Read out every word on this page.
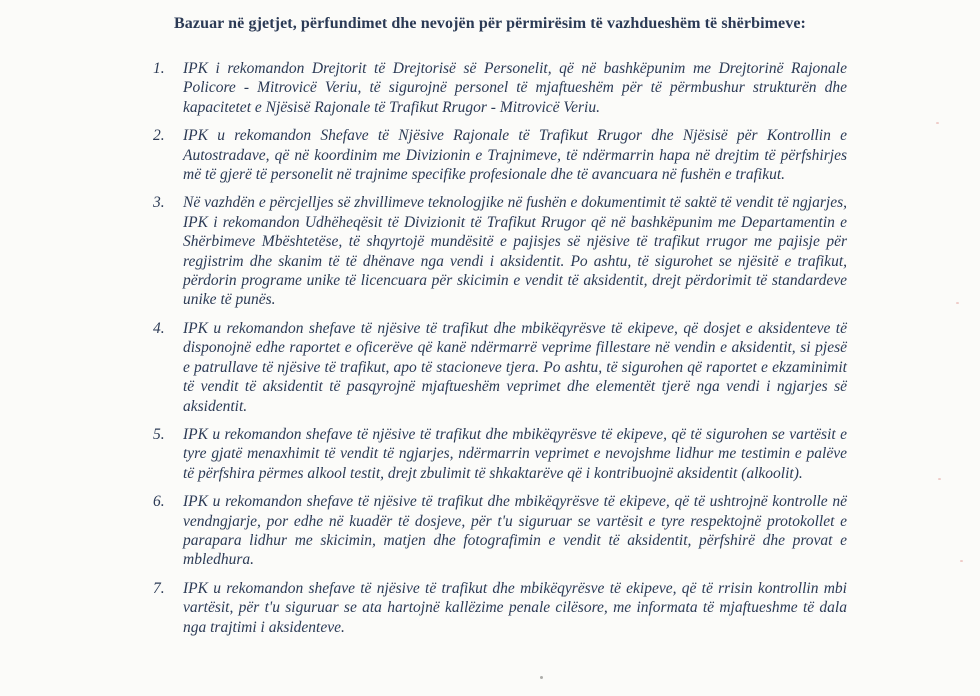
Bazuar në gjetjet, përfundimet dhe nevojën për përmirësim të vazhdueshëm të shërbimeve:
1.	IPK i rekomandon Drejtorit të Drejtorisë së Personelit, që në bashkëpunim me Drejtorinë Rajonale Policore - Mitrovicë Veriu, të sigurojnë personel të mjaftueshëm për të përmbushur strukturën dhe kapacitetet e Njësisë Rajonale të Trafikut Rrugor - Mitrovicë Veriu.
2.	IPK u rekomandon Shefave të Njësive Rajonale të Trafikut Rrugor dhe Njësisë për Kontrollin e Autostradave, që në koordinim me Divizionin e Trajnimeve, të ndërmarrin hapa në drejtim të përfshirjes më të gjerë të personelit në trajnime specifike profesionale dhe të avancuara në fushën e trafikut.
3.	Në vazhdën e përcjelljes së zhvillimeve teknologjike në fushën e dokumentimit të saktë të vendit të ngjarjes, IPK i rekomandon Udhëheqësit të Divizionit të Trafikut Rrugor që në bashkëpunim me Departamentin e Shërbimeve Mbështetëse, të shqyrtojë mundësitë e pajisjes së njësive të trafikut rrugor me pajisje për regjistrim dhe skanim të të dhënave nga vendi i aksidentit. Po ashtu, të sigurohet se njësitë e trafikut, përdorin programe unike të licencuara për skicimin e vendit të aksidentit, drejt përdorimit të standardeve unike të punës.
4.	IPK u rekomandon shefave të njësive të trafikut dhe mbikëqyrësve të ekipeve, që dosjet e aksidenteve të disponojnë edhe raportet e oficerëve që kanë ndërmarrë veprime fillestare në vendin e aksidentit, si pjesë e patrullave të njësive të trafikut, apo të stacioneve tjera. Po ashtu, të sigurohen që raportet e ekzaminimit të vendit të aksidentit të pasqyrojnë mjaftueshëm veprimet dhe elementët tjerë nga vendi i ngjarjes së aksidentit.
5.	IPK u rekomandon shefave të njësive të trafikut dhe mbikëqyrësve të ekipeve, që të sigurohen se vartësit e tyre gjatë menaxhimit të vendit të ngjarjes, ndërmarrin veprimet e nevojshme lidhur me testimin e palëve të përfshira përmes alkool testit, drejt zbulimit të shkaktarëve që i kontribuojnë aksidentit (alkoolit).
6.	IPK u rekomandon shefave të njësive të trafikut dhe mbikëqyrësve të ekipeve, që të ushtrojnë kontrolle në vendngjarje, por edhe në kuadër të dosjeve, për t'u siguruar se vartësit e tyre respektojnë protokollet e parapara lidhur me skicimin, matjen dhe fotografimin e vendit të aksidentit, përfshirë dhe provat e mbledhura.
7.	IPK u rekomandon shefave të njësive të trafikut dhe mbikëqyrësve të ekipeve, që të rrisin kontrollin mbi vartësit, për t'u siguruar se ata hartojnë kallëzime penale cilësore, me informata të mjaftueshme të dala nga trajtimi i aksidenteve.
